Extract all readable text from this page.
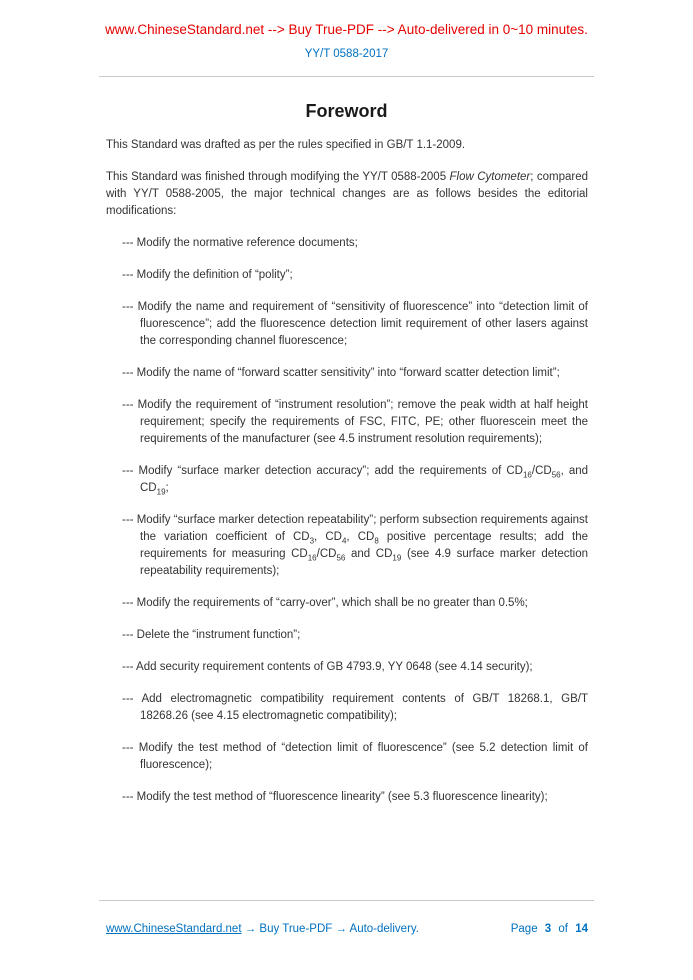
www.ChineseStandard.net --> Buy True-PDF --> Auto-delivered in 0~10 minutes.
YY/T 0588-2017
Foreword

This Standard was drafted as per the rules specified in GB/T 1.1-2009.

This Standard was finished through modifying the YY/T 0588-2005 Flow Cytometer; compared with YY/T 0588-2005, the major technical changes are as follows besides the editorial modifications:

--- Modify the normative reference documents;
--- Modify the definition of “polity”;
--- Modify the name and requirement of “sensitivity of fluorescence” into “detection limit of fluorescence”; add the fluorescence detection limit requirement of other lasers against the corresponding channel fluorescence;
--- Modify the name of “forward scatter sensitivity” into “forward scatter detection limit”;
--- Modify the requirement of “instrument resolution”; remove the peak width at half height requirement; specify the requirements of FSC, FITC, PE; other fluorescein meet the requirements of the manufacturer (see 4.5 instrument resolution requirements);
--- Modify “surface marker detection accuracy”; add the requirements of $CD_{16}/CD_{56}$, and $CD_{19}$;
--- Modify “surface marker detection repeatability”; perform subsection requirements against the variation coefficient of $CD_3$, $CD_4$, $CD_8$ positive percentage results; add the requirements for measuring $CD_{16}/CD_{56}$ and $CD_{19}$ (see 4.9 surface marker detection repeatability requirements);
--- Modify the requirements of “carry-over”, which shall be no greater than 0.5%;
--- Delete the “instrument function”;
--- Add security requirement contents of GB 4793.9, YY 0648 (see 4.14 security);
--- Add electromagnetic compatibility requirement contents of GB/T 18268.1, GB/T 18268.26 (see 4.15 electromagnetic compatibility);
--- Modify the test method of “detection limit of fluorescence” (see 5.2 detection limit of fluorescence);
--- Modify the test method of “fluorescence linearity” (see 5.3 fluorescence linearity);
www.ChineseStandard.net → Buy True-PDF → Auto-delivery.	Page 3 of 14
